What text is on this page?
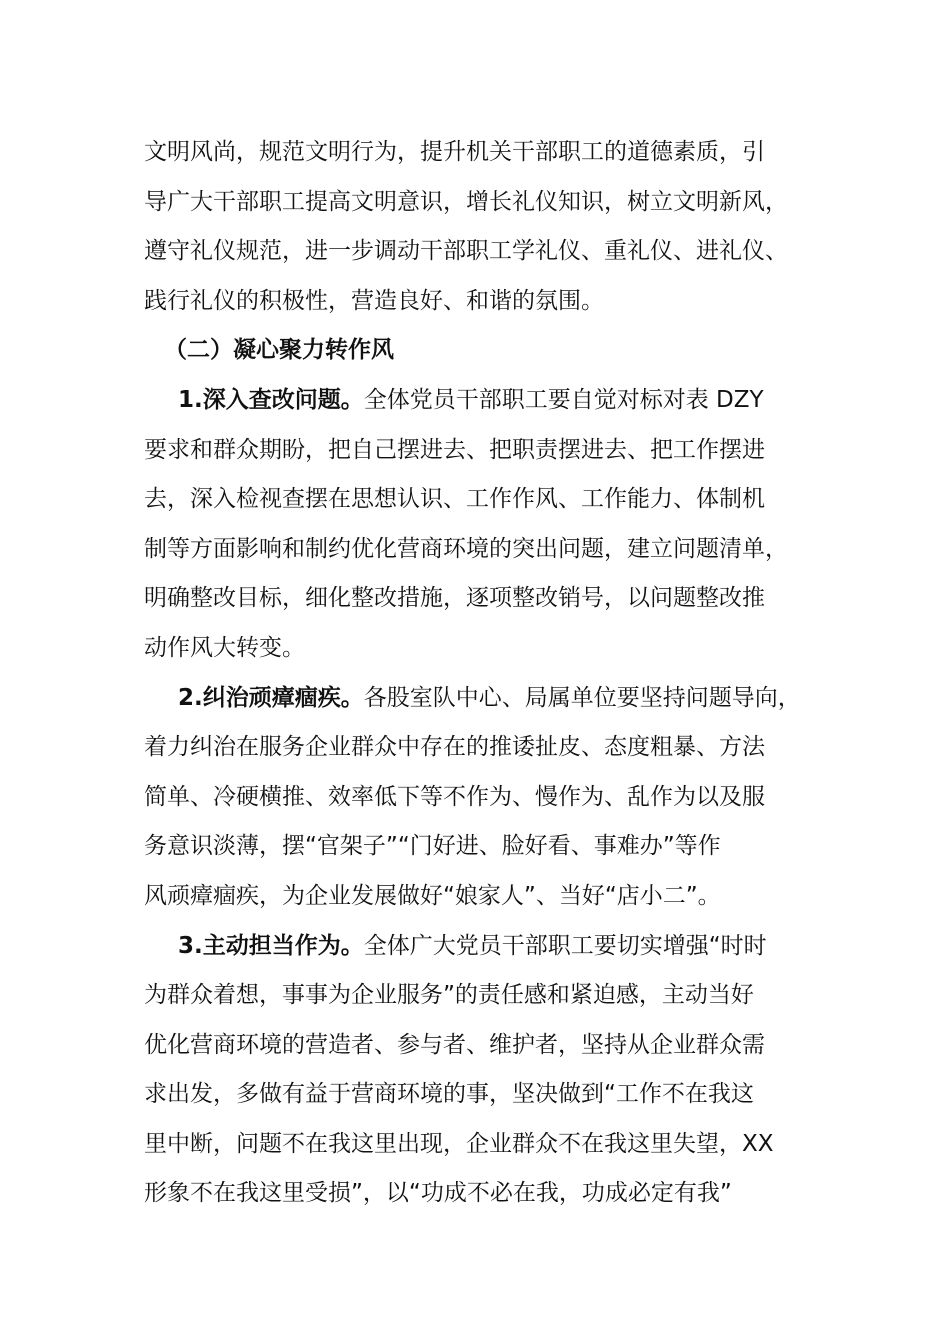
文明风尚，规范文明行为，提升机关干部职工的道德素质，引
导广大干部职工提高文明意识，增长礼仪知识，树立文明新风，
遵守礼仪规范，进一步调动干部职工学礼仪、重礼仪、进礼仪、
践行礼仪的积极性，营造良好、和谐的氛围。
（二）凝心聚力转作风
1.深入查改问题。全体党员干部职工要自觉对标对表 DZY
要求和群众期盼，把自己摆进去、把职责摆进去、把工作摆进
去，深入检视查摆在思想认识、工作作风、工作能力、体制机
制等方面影响和制约优化营商环境的突出问题，建立问题清单，
明确整改目标，细化整改措施，逐项整改销号，以问题整改推
动作风大转变。
2.纠治顽瘴痼疾。各股室队中心、局属单位要坚持问题导向，
着力纠治在服务企业群众中存在的推诿扯皮、态度粗暴、方法
简单、冷硬横推、效率低下等不作为、慢作为、乱作为以及服
务意识淡薄，摆“官架子”“门好进、脸好看、事难办”等作
风顽瘴痼疾，为企业发展做好“娘家人”、当好“店小二”。
3.主动担当作为。全体广大党员干部职工要切实增强“时时
为群众着想，事事为企业服务”的责任感和紧迫感，主动当好
优化营商环境的营造者、参与者、维护者，坚持从企业群众需
求出发，多做有益于营商环境的事，坚决做到“工作不在我这
里中断，问题不在我这里出现，企业群众不在我这里失望，XX
形象不在我这里受损”，以“功成不必在我，功成必定有我”
